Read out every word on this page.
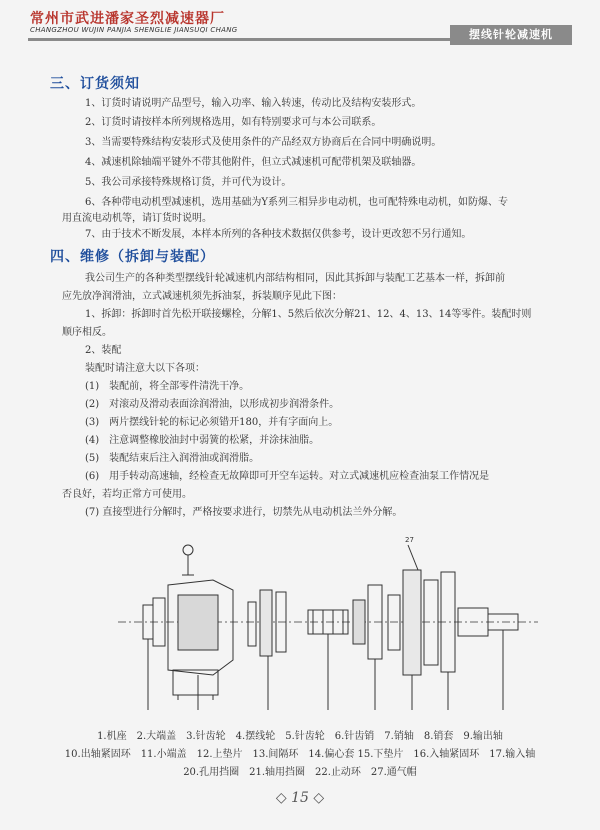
常州市武进潘家圣烈减速器厂
CHANGZHOU WUJIN PANJIA SHENGLIE JIANSUQI CHANG	摆线针轮减速机
三、订货须知
1、订货时请说明产品型号，输入功率、输入转速，传动比及结构安装形式。
2、订货时请按样本所列规格选用，如有特别要求可与本公司联系。
3、当需要特殊结构安装形式及使用条件的产品经双方协商后在合同中明确说明。
4、减速机除轴端平键外不带其他附件，但立式减速机可配带机架及联轴器。
5、我公司承接特殊规格订货，并可代为设计。
6、各种带电动机型减速机，选用基础为Y系列三相异步电动机，也可配特殊电动机，如防爆、专
用直流电动机等，请订货时说明。
7、由于技术不断发展，本样本所列的各种技术数据仅供参考，设计更改恕不另行通知。
四、维修（拆卸与装配）
我公司生产的各种类型摆线针轮减速机内部结构相同，因此其拆卸与装配工艺基本一样，拆卸前
应先放净润滑油，立式减速机须先拆油泵，拆装顺序见此下图：
1、拆卸：拆卸时首先松开联接螺栓，分解1、5然后依次分解21、12、4、13、14等零件。装配时则
顺序相反。
2、装配
装配时请注意大以下各项：
(1)　装配前，将全部零件清洗干净。
(2)　对滚动及滑动表面涂润滑油，以形成初步润滑条件。
(3)　两片摆线针轮的标记必须错开180，并有字面向上。
(4)　注意调整橡胶油封中弱簧的松紧，并涂抹油脂。
(5)　装配结束后注入润滑油或润滑脂。
(6)　用手转动高速轴，经检查无故障即可开空车运转。对立式减速机应检查油泵工作情况是
否良好，若均正常方可使用。
(7) 直接型进行分解时，严格按要求进行，切禁先从电动机法兰外分解。
27
1.机座　2.大端盖　3.针齿轮　4.摆线轮　5.针齿轮　6.针齿销　7.销轴　8.销套　9.输出轴
10.出轴紧固环　11.小端盖　12.上垫片　13.间隔环　14.偏心套 15.下垫片　16.入轴紧固环　17.输入轴
20.孔用挡圈　21.轴用挡圈　22.止动环　27.通气帽
◇ 15 ◇
